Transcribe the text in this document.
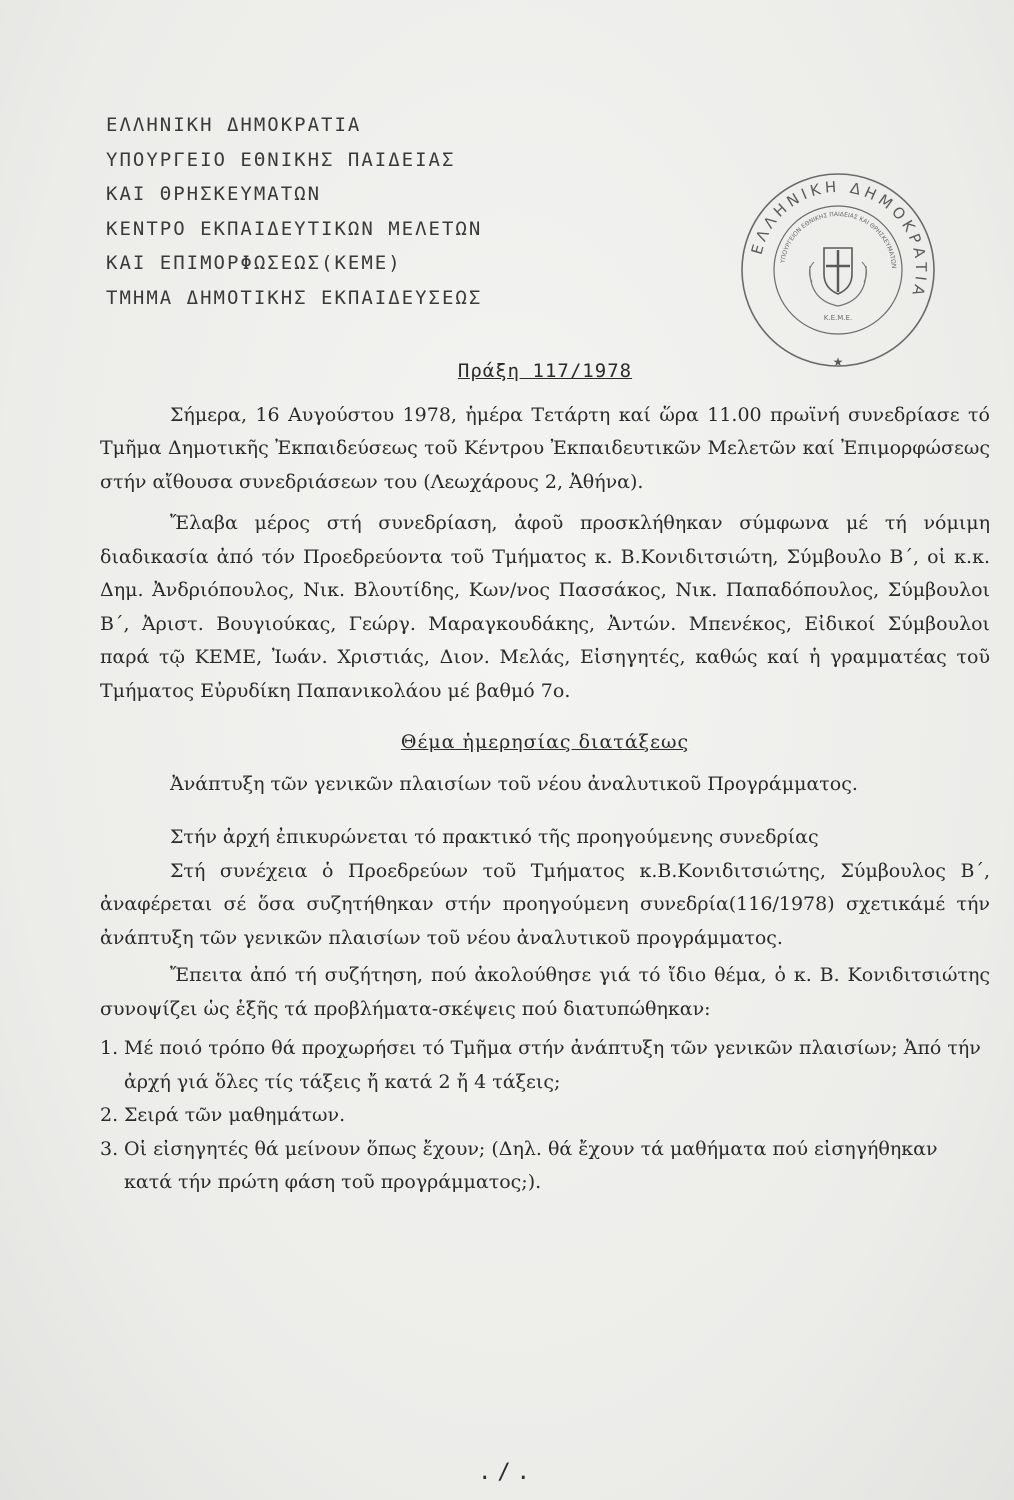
ΕΛΛΗΝΙΚΗ ΔΗΜΟΚΡΑΤΙΑ
ΥΠΟΥΡΓΕΙΟ ΕΘΝΙΚΗΣ ΠΑΙΔΕΙΑΣ
ΚΑΙ ΘΡΗΣΚΕΥΜΑΤΩΝ
ΚΕΝΤΡΟ ΕΚΠΑΙΔΕΥΤΙΚΩΝ ΜΕΛΕΤΩΝ
ΚΑΙ ΕΠΙΜΟΡΦΩΣΕΩΣ(ΚΕΜΕ)
ΤΜΗΜΑ ΔΗΜΟΤΙΚΗΣ ΕΚΠΑΙΔΕΥΣΕΩΣ
ΕΛΛΗΝΙΚΗ ΔΗΜΟΚΡΑΤΙΑ
ΥΠΟΥΡΓΕΙΟΝ ΕΘΝΙΚΗΣ ΠΑΙΔΕΙΑΣ ΚΑΙ ΘΡΗΣΚΕΥΜΑΤΩΝ
Κ.Ε.Μ.Ε.
★
Πράξη 117/1978

Σήμερα, 16 Αυγούστου 1978, ἡμέρα Τετάρτη καί ὥρα 11.00 πρωϊνή συνεδρίασε τό Τμῆμα Δημοτικῆς Ἐκπαιδεύσεως τοῦ Κέντρου Ἐκπαιδευτικῶν Μελετῶν καί Ἐπιμορφώσεως στήν αἴθουσα συνεδριάσεων του (Λεωχάρους 2, Ἀθήνα).

Ἔλαβα μέρος στή συνεδρίαση, ἀφοῦ προσκλήθηκαν σύμφωνα μέ τή νόμιμη διαδικασία ἀπό τόν Προεδρεύοντα τοῦ Τμήματος κ. Β.Κονιδιτσιώτη, Σύμβουλο Β΄, οἱ κ.κ. Δημ. Ἀνδριόπουλος, Νικ. Βλουτίδης, Κων/νος Πασσάκος, Νικ. Παπαδόπουλος, Σύμβουλοι Β΄, Ἀριστ. Βουγιούκας, Γεώργ. Μαραγκουδάκης, Ἀντών. Μπενέκος, Εἰδικοί Σύμβουλοι παρά τῷ ΚΕΜΕ, Ἰωάν. Χριστιάς, Διον. Μελάς, Εἰσηγητές, καθώς καί ἡ γραμματέας τοῦ Τμήματος Εὐρυδίκη Παπανικολάου μέ βαθμό 7ο.

Θέμα ἡμερησίας διατάξεως

Ἀνάπτυξη τῶν γενικῶν πλαισίων τοῦ νέου ἀναλυτικοῦ Προγράμματος.

Στήν ἀρχή ἐπικυρώνεται τό πρακτικό τῆς προηγούμενης συνεδρίας

Στή συνέχεια ὁ Προεδρεύων τοῦ Τμήματος κ.Β.Κονιδιτσιώτης, Σύμβουλος Β΄, ἀναφέρεται σέ ὅσα συζητήθηκαν στήν προηγούμενη συνεδρία(116/1978) σχετικάμέ τήν ἀνάπτυξη τῶν γενικῶν πλαισίων τοῦ νέου ἀναλυτικοῦ προγράμματος.

Ἔπειτα ἀπό τή συζήτηση, πού ἀκολούθησε γιά τό ἴδιο θέμα, ὁ κ. Β. Κονιδιτσιώτης συνοψίζει ὡς ἑξῆς τά προβλήματα-σκέψεις πού διατυπώθηκαν:

1. Μέ ποιό τρόπο θά προχωρήσει τό Τμῆμα στήν ἀνάπτυξη τῶν γενικῶν πλαισίων; Ἀπό τήν ἀρχή γιά ὅλες τίς τάξεις ἤ κατά 2 ἤ 4 τάξεις;
2. Σειρά τῶν μαθημάτων.
3. Οἱ εἰσηγητές θά μείνουν ὅπως ἔχουν; (Δηλ. θά ἔχουν τά μαθήματα πού εἰσηγήθηκαν κατά τήν πρώτη φάση τοῦ προγράμματος;).
./.
